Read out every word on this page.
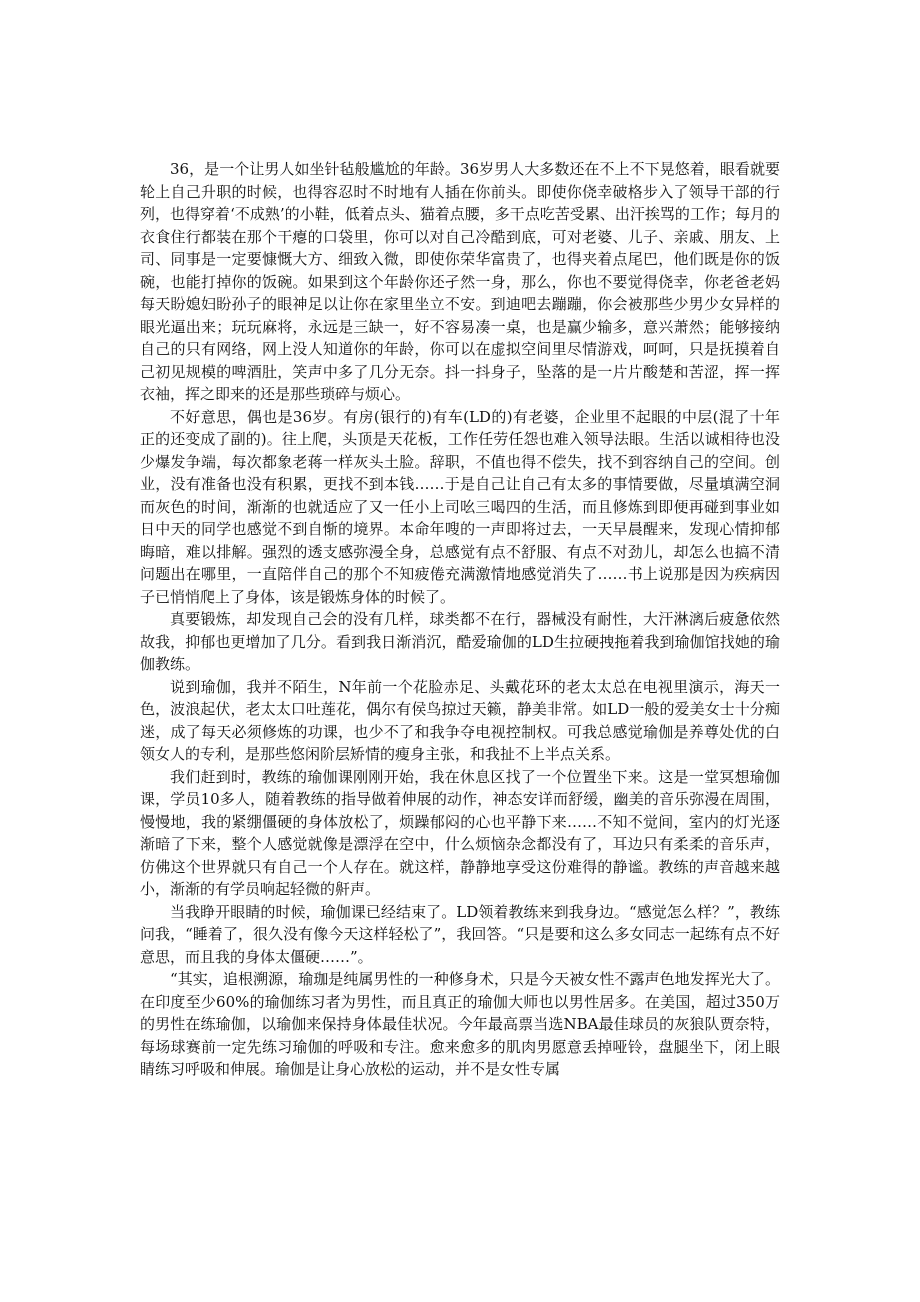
36，是一个让男人如坐针毡般尴尬的年龄。36岁男人大多数还在不上不下晃悠着，眼看就要轮上自己升职的时候，也得容忍时不时地有人插在你前头。即使你侥幸破格步入了领导干部的行列，也得穿着‘不成熟’的小鞋，低着点头、猫着点腰，多干点吃苦受累、出汗挨骂的工作；每月的衣食住行都装在那个干瘪的口袋里，你可以对自己冷酷到底，可对老婆、儿子、亲戚、朋友、上司、同事是一定要慷慨大方、细致入微，即使你荣华富贵了，也得夹着点尾巴，他们既是你的饭碗，也能打掉你的饭碗。如果到这个年龄你还孑然一身，那么，你也不要觉得侥幸，你老爸老妈每天盼媳妇盼孙子的眼神足以让你在家里坐立不安。到迪吧去蹦蹦，你会被那些少男少女异样的眼光逼出来；玩玩麻将，永远是三缺一，好不容易凑一桌，也是赢少输多，意兴萧然；能够接纳自己的只有网络，网上没人知道你的年龄，你可以在虚拟空间里尽情游戏，呵呵，只是抚摸着自己初见规模的啤酒肚，笑声中多了几分无奈。抖一抖身子，坠落的是一片片酸楚和苦涩，挥一挥衣袖，挥之即来的还是那些琐碎与烦心。

不好意思，偶也是36岁。有房(银行的)有车(LD的)有老婆，企业里不起眼的中层(混了十年正的还变成了副的)。往上爬，头顶是天花板，工作任劳任怨也难入领导法眼。生活以诚相待也没少爆发争端，每次都象老蒋一样灰头土脸。辞职，不值也得不偿失，找不到容纳自己的空间。创业，没有准备也没有积累，更找不到本钱……于是自己让自己有太多的事情要做，尽量填满空洞而灰色的时间，渐渐的也就适应了又一任小上司吆三喝四的生活，而且修炼到即便再碰到事业如日中天的同学也感觉不到自惭的境界。本命年嗖的一声即将过去，一天早晨醒来，发现心情抑郁晦暗，难以排解。强烈的透支感弥漫全身，总感觉有点不舒服、有点不对劲儿，却怎么也搞不清问题出在哪里，一直陪伴自己的那个不知疲倦充满激情地感觉消失了……书上说那是因为疾病因子已悄悄爬上了身体，该是锻炼身体的时候了。

真要锻炼，却发现自己会的没有几样，球类都不在行，器械没有耐性，大汗淋漓后疲惫依然故我，抑郁也更增加了几分。看到我日渐消沉，酷爱瑜伽的LD生拉硬拽拖着我到瑜伽馆找她的瑜伽教练。

说到瑜伽，我并不陌生，N年前一个花脸赤足、头戴花环的老太太总在电视里演示，海天一色，波浪起伏，老太太口吐莲花，偶尔有侯鸟掠过天籁，静美非常。如LD一般的爱美女士十分痴迷，成了每天必须修炼的功课，也少不了和我争夺电视控制权。可我总感觉瑜伽是养尊处优的白领女人的专利，是那些悠闲阶层矫情的瘦身主张，和我扯不上半点关系。

我们赶到时，教练的瑜伽课刚刚开始，我在休息区找了一个位置坐下来。这是一堂冥想瑜伽课，学员10多人，随着教练的指导做着伸展的动作，神态安详而舒缓，幽美的音乐弥漫在周围，慢慢地，我的紧绷僵硬的身体放松了，烦躁郁闷的心也平静下来……不知不觉间，室内的灯光逐渐暗了下来，整个人感觉就像是漂浮在空中，什么烦恼杂念都没有了，耳边只有柔柔的音乐声，仿佛这个世界就只有自己一个人存在。就这样，静静地享受这份难得的静谧。教练的声音越来越小，渐渐的有学员响起轻微的鼾声。

当我睁开眼睛的时候，瑜伽课已经结束了。LD领着教练来到我身边。“感觉怎么样？”，教练问我，“睡着了，很久没有像今天这样轻松了”，我回答。“只是要和这么多女同志一起练有点不好意思，而且我的身体太僵硬……”。

“其实，追根溯源，瑜珈是纯属男性的一种修身术，只是今天被女性不露声色地发挥光大了。在印度至少60%的瑜伽练习者为男性，而且真正的瑜伽大师也以男性居多。在美国，超过350万的男性在练瑜伽，以瑜伽来保持身体最佳状况。今年最高票当选NBA最佳球员的灰狼队贾奈特，每场球赛前一定先练习瑜伽的呼吸和专注。愈来愈多的肌肉男愿意丢掉哑铃，盘腿坐下，闭上眼睛练习呼吸和伸展。瑜伽是让身心放松的运动，并不是女性专属
